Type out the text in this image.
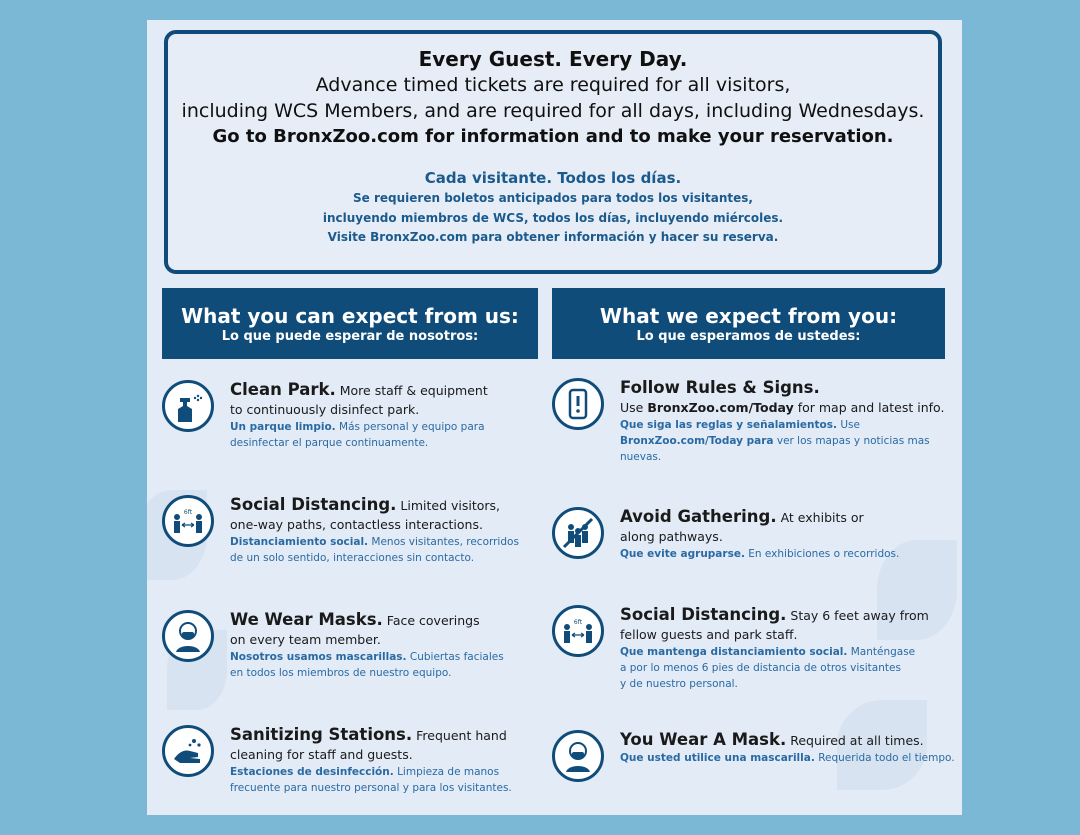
Every Guest. Every Day.
Advance timed tickets are required for all visitors,
including WCS Members, and are required for all days, including Wednesdays.
Go to BronxZoo.com for information and to make your reservation.
Cada visitante. Todos los días.
Se requieren boletos anticipados para todos los visitantes,
incluyendo miembros de WCS, todos los días, incluyendo miércoles.
Visite BronxZoo.com para obtener información y hacer su reserva.
What you can expect from us:
Lo que puede esperar de nosotros:
What we expect from you:
Lo que esperamos de ustedes:
Clean Park. More staff & equipment
to continuously disinfect park.
Un parque limpio. Más personal y equipo para
desinfectar el parque continuamente.
6ft Social Distancing. Limited visitors,
one-way paths, contactless interactions.
Distanciamiento social. Menos visitantes, recorridos
de un solo sentido, interacciones sin contacto.
We Wear Masks. Face coverings
on every team member.
Nosotros usamos mascarillas. Cubiertas faciales
en todos los miembros de nuestro equipo.
Sanitizing Stations. Frequent hand
cleaning for staff and guests.
Estaciones de desinfección. Limpieza de manos
frecuente para nuestro personal y para los visitantes.
Follow Rules & Signs.
Use BronxZoo.com/Today for map and latest info.
Que siga las reglas y señalamientos. Use
BronxZoo.com/Today para ver los mapas y noticias mas
nuevas.
Avoid Gathering. At exhibits or
along pathways.
Que evite agruparse. En exhibiciones o recorridos.
6ft Social Distancing. Stay 6 feet away from
fellow guests and park staff.
Que mantenga distanciamiento social. Manténgase
a por lo menos 6 pies de distancia de otros visitantes
y de nuestro personal.
You Wear A Mask. Required at all times.
Que usted utilice una mascarilla. Requerida todo el tiempo.
